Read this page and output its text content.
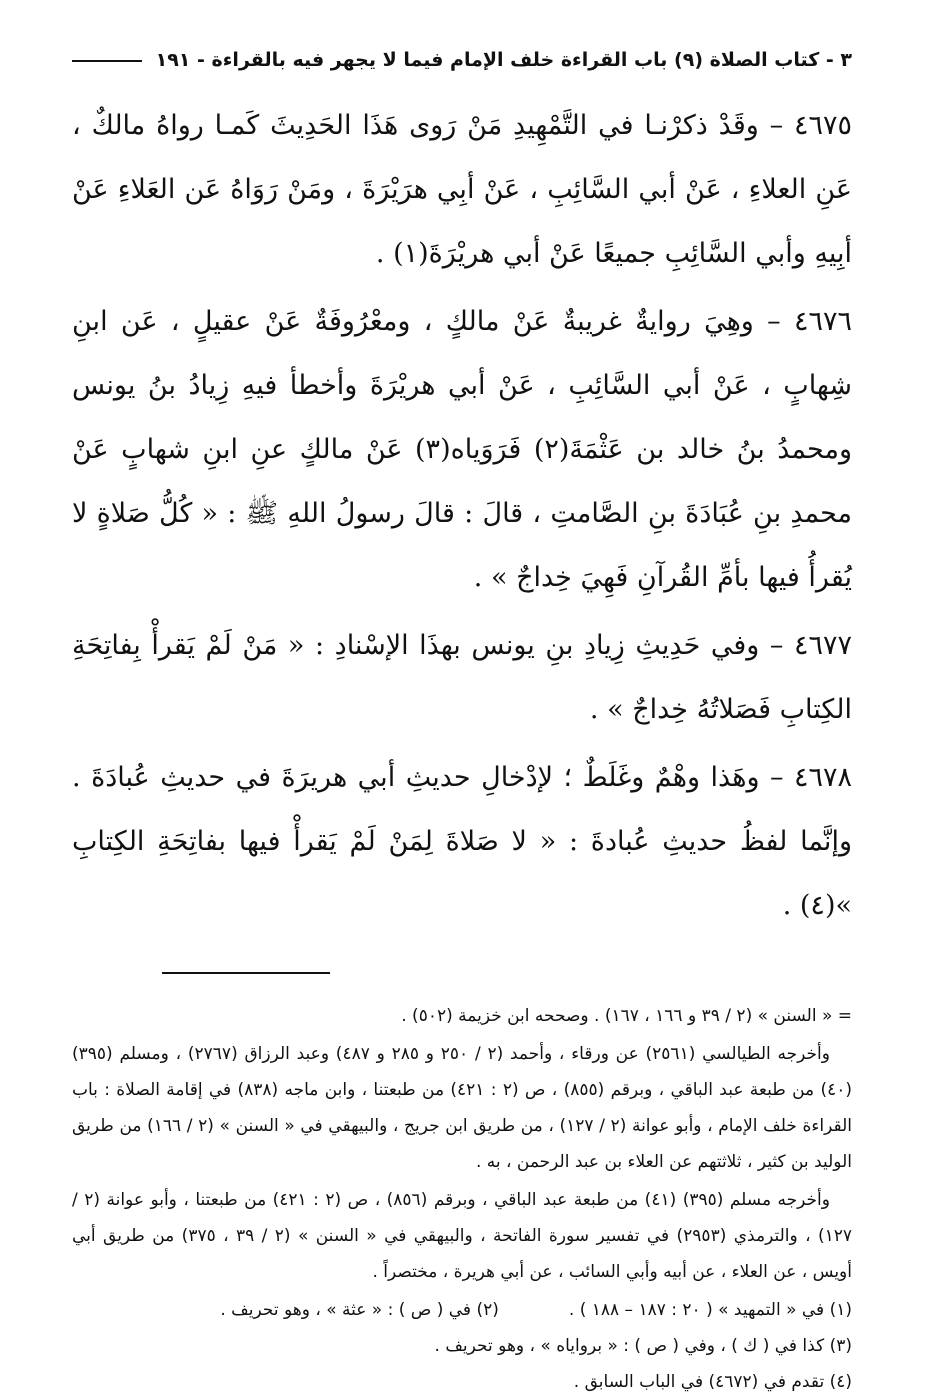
٣ - كتاب الصلاة (٩) باب القراءة خلف الإمام فيما لا يجهر فيه بالقراءة - ١٩١

٤٦٧٥ – وقَدْ ذكرْنـا في التَّمْهِيدِ مَنْ رَوى هَذَا الحَدِيثَ كَمـا رواهُ مالكٌ ، عَنِ العلاءِ ، عَنْ أبي السَّائِبِ ، عَنْ أبِي هرَيْرَةَ ، ومَنْ رَوَاهُ عَن العَلاءِ عَنْ أبِيهِ وأبي السَّائِبِ جميعًا عَنْ أبي هريْرَةَ(١) .

٤٦٧٦ – وهِيَ روايةٌ غريبةٌ عَنْ مالكٍ ، ومعْرُوفَةٌ عَنْ عقيلٍ ، عَن ابنِ شِهابٍ ، عَنْ أبي السَّائِبِ ، عَنْ أبي هريْرَةَ وأخطأ فيهِ زِيادُ بنُ يونس ومحمدُ بنُ خالد بن عَثْمَةَ(٢) فَرَوَياه(٣) عَنْ مالكٍ عنِ ابنِ شهابٍ عَنْ محمدِ بنِ عُبَادَةَ بنِ الصَّامتِ ، قالَ : قالَ رسولُ اللهِ ﷺ : « كُلُّ صَلاةٍ لا يُقرأُ فيها بأمِّ القُرآنِ فَهِيَ خِداجٌ » .

٤٦٧٧ – وفي حَدِيثِ زِيادِ بنِ يونس بهذَا الإسْنادِ : « مَنْ لَمْ يَقرأْ بِفاتِحَةِ الكِتابِ فَصَلاتُهُ خِداجٌ » .

٤٦٧٨ – وهَذا وهْمٌ وغَلَطٌ ؛ لإدْخالِ حديثِ أبي هريرَةَ في حديثِ عُبادَةَ . وإنَّما لفظُ حديثِ عُبادةَ : « لا صَلاةَ لِمَنْ لَمْ يَقرأْ فيها بفاتِحَةِ الكِتابِ »(٤) .

= « السنن » (٢ / ٣٩ و ١٦٦ ، ١٦٧) . وصححه ابن خزيمة (٥٠٢) .

وأخرجه الطيالسي (٢٥٦١) عن ورقاء ، وأحمد (٢ / ٢٥٠ و ٢٨٥ و ٤٨٧) وعبد الرزاق (٢٧٦٧) ، ومسلم (٣٩٥) (٤٠) من طبعة عبد الباقي ، وبرقم (٨٥٥) ، ص (٢ : ٤٢١) من طبعتنا ، وابن ماجه (٨٣٨) في إقامة الصلاة : باب القراءة خلف الإمام ، وأبو عوانة (٢ / ١٢٧) ، من طريق ابن جريج ، والبيهقي في « السنن » (٢ / ١٦٦) من طريق الوليد بن كثير ، ثلاثتهم عن العلاء بن عبد الرحمن ، به .

وأخرجه مسلم (٣٩٥) (٤١) من طبعة عبد الباقي ، وبرقم (٨٥٦) ، ص (٢ : ٤٢١) من طبعتنا ، وأبو عوانة (٢ / ١٢٧) ، والترمذي (٢٩٥٣) في تفسير سورة الفاتحة ، والبيهقي في « السنن » (٢ / ٣٩ ، ٣٧٥) من طريق أبي أويس ، عن العلاء ، عن أبيه وأبي السائب ، عن أبي هريرة ، مختصراً .

(١) في « التمهيد » ( ٢٠ : ١٨٧ – ١٨٨ ) .
(٢) في ( ص ) : « عثة » ، وهو تحريف .
(٣) كذا في ( ك ) ، وفي ( ص ) : « برواياه » ، وهو تحريف .
(٤) تقدم في (٤٦٧٢) في الباب السابق .
